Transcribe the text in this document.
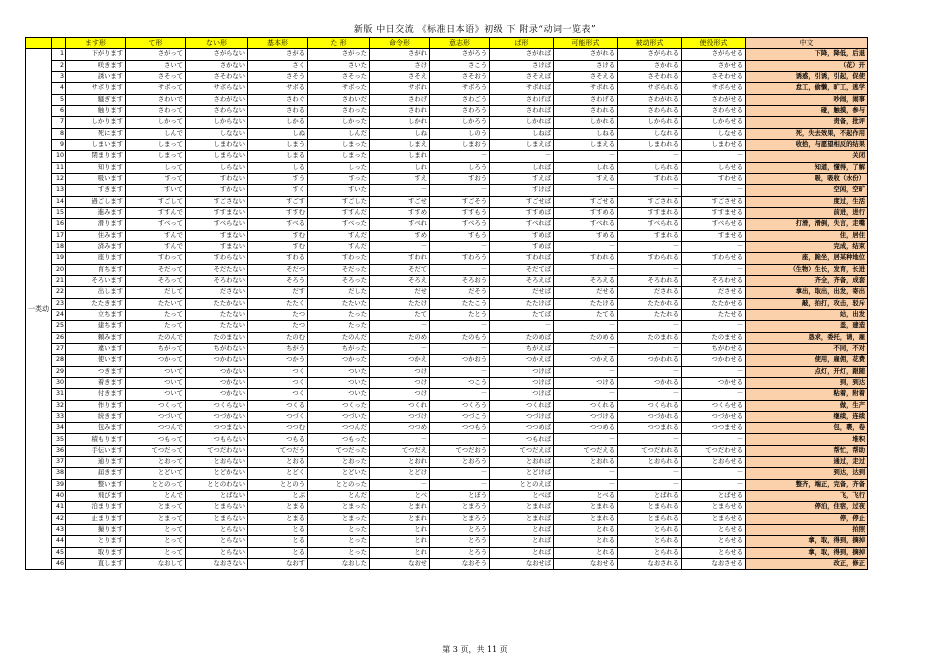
新版 中日交流 《标准日本语》初级 下 附录“动词一览表”
		ます形	て形	ない形	基本形	た 形	命令形	意志形	ば形	可能形式	被动形式	使役形式	中文
一类动	1	下がります	さがって	さがらない	さがる	さがった	さがれ	さがろう	さがれば	さがれる	さがられる	さがらせる	下降，降低，后退
	2	咲きます	さいて	さかない	さく	さいた	さけ	さこう	さけば	さける	さかれる	さかせる	（花）开
	3	誘います	さそって	さそわない	さそう	さそった	さそえ	さそおう	さそえば	さそえる	さそわれる	さそわせる	诱惑，引诱，引起，促使
	4	サボります	サボって	サボらない	サボる	サボった	サボれ	サボろう	サボれば	サボれる	サボられる	サボらせる	怠工，偷懒，旷工，逃学
	5	騒ぎます	さわいで	さわがない	さわぐ	さわいだ	さわげ	さわごう	さわげば	さわげる	さわがれる	さわがせる	吵闹，闹事
	6	触ります	さわって	さわらない	さわる	さわった	さわれ	さわろう	さわれば	さわれる	さわられる	さわらせる	碰，触摸，参与
	7	しかります	しかって	しからない	しかる	しかった	しかれ	しかろう	しかれば	しかれる	しかられる	しからせる	责备，批评
	8	死にます	しんで	しなない	しぬ	しんだ	しね	しのう	しねば	しねる	しなれる	しなせる	死，失去效果，不起作用
	9	しまいます	しまって	しまわない	しまう	しまった	しまえ	しまおう	しまえば	しまえる	しまわれる	しまわせる	收拾，与愿望相反的结果
	10	閉まります	しまって	しまらない	しまる	しまった	しまれ	－	－	－	－	－	关闭
	11	知ります	しって	しらない	しる	しった	しれ	しろう	しれば	しれる	しられる	しらせる	知道，懂得，了解
	12	吸います	すって	すわない	すう	すった	すえ	すおう	すえば	すえる	すわれる	すわせる	吸，吸收（水份）
	13	すきます	すいて	すかない	すく	すいた	－	－	すけば	－	－	－	空闲，空旷
	14	過ごします	すごして	すごさない	すごす	すごした	すごせ	すごそう	すごせば	すごせる	すごされる	すごさせる	度过，生活
	15	進みます	すすんで	すすまない	すすむ	すすんだ	すすめ	すすもう	すすめば	すすめる	すすまれる	すすませる	前进，进行
	16	滑ります	すべって	すべらない	すべる	すべった	すべれ	すべろう	すべれば	すべれる	すべられる	すべらせる	打滑，滑倒，失言，走嘴
	17	住みます	すんで	すまない	すむ	すんだ	すめ	すもう	すめば	すめる	すまれる	すませる	住，居住
	18	済みます	すんで	すまない	すむ	すんだ	－	－	すめば	－	－	－	完成，结束
	19	座ります	すわって	すわらない	すわる	すわった	すわれ	すわろう	すわれば	すわれる	すわられる	すわらせる	座，跪坐，居某种地位
	20	育ちます	そだって	そだたない	そだつ	そだった	そだて	－	そだてば	－	－	－	（生物）生长，发育，长进
	21	そろいます	そろって	そろわない	そろう	そろった	そろえ	そろおう	そろえば	そろえる	そろわれる	そろわせる	齐全，齐备，成套
	22	出します	だして	ださない	だす	だした	だせ	だそう	だせば	だせる	だされる	ださせる	拿出，取出，出发，寄出
	23	たたきます	たたいて	たたかない	たたく	たたいた	たたけ	たたこう	たたけば	たたける	たたかれる	たたかせる	敲，拍打，攻击，驳斥
	24	立ちます	たって	たたない	たつ	たった	たて	たとう	たてば	たてる	たたれる	たたせる	站，出发
	25	建ちます	たって	たたない	たつ	たった	－	－	－	－	－	－	盖，建造
	26	頼みます	たのんで	たのまない	たのむ	たのんだ	たのめ	たのもう	たのめば	たのめる	たのまれる	たのませる	恳求，委托，请，雇
	27	違います	ちがって	ちがわない	ちがう	ちがった	－	－	ちがえば	－	－	ちがわせる	不同，不对
	28	使います	つかって	つかわない	つかう	つかった	つかえ	つかおう	つかえば	つかえる	つかわれる	つかわせる	使用，雇佣，花费
	29	つきます	ついて	つかない	つく	ついた	つけ	－	つけば	－	－	－	点灯，开灯，跟随
	30	着きます	ついて	つかない	つく	ついた	つけ	つこう	つけば	つける	つかれる	つかせる	到，到达
	31	付きます	ついて	つかない	つく	ついた	つけ	－	つけば	－	－	－	粘着，附着
	32	作ります	つくって	つくらない	つくる	つくった	つくれ	つくろう	つくれば	つくれる	つくられる	つくらせる	做，生产
	33	続きます	つづいて	つづかない	つづく	つづいた	つづけ	つづこう	つづけば	つづける	つづかれる	つづかせる	继续，连续
	34	包みます	つつんで	つつまない	つつむ	つつんだ	つつめ	つつもう	つつめば	つつめる	つつまれる	つつませる	包，裹，卷
	35	積もります	つもって	つもらない	つもる	つもった	－	－	つもれば	－	－	－	堆积
	36	手伝います	てつだって	てつだわない	てつだう	てつだった	てつだえ	てつだおう	てつだえば	てつだえる	てつだわれる	てつだわせる	帮忙，帮助
	37	通ります	とおって	とおらない	とおる	とおった	とおれ	とおろう	とおれば	とおれる	とおられる	とおらせる	通过，走过
	38	届きます	とどいて	とどかない	とどく	とどいた	とどけ	－	とどけば	－	－	－	到达，达到
	39	整います	ととのって	ととのわない	ととのう	ととのった	－	－	ととのえば	－	－	－	整齐，端正，完备，齐备
	40	飛びます	とんで	とばない	とぶ	とんだ	とべ	とぼう	とべば	とべる	とばれる	とばせる	飞，飞行
	41	泊まります	とまって	とまらない	とまる	とまった	とまれ	とまろう	とまれば	とまれる	とまられる	とまらせる	停泊，住宿，过夜
	42	止まります	とまって	とまらない	とまる	とまった	とまれ	とまろう	とまれば	とまれる	とまられる	とまらせる	停，停止
	43	撮ります	とって	とらない	とる	とった	とれ	とろう	とれば	とれる	とられる	とらせる	拍照
	44	とります	とって	とらない	とる	とった	とれ	とろう	とれば	とれる	とられる	とらせる	拿，取，得到，摘掉
	45	取ります	とって	とらない	とる	とった	とれ	とろう	とれば	とれる	とられる	とらせる	拿，取，得到，摘掉
	46	直します	なおして	なおさない	なおす	なおした	なおせ	なおそう	なおせば	なおせる	なおされる	なおさせる	改正，修正
第 3 页，共 11 页
